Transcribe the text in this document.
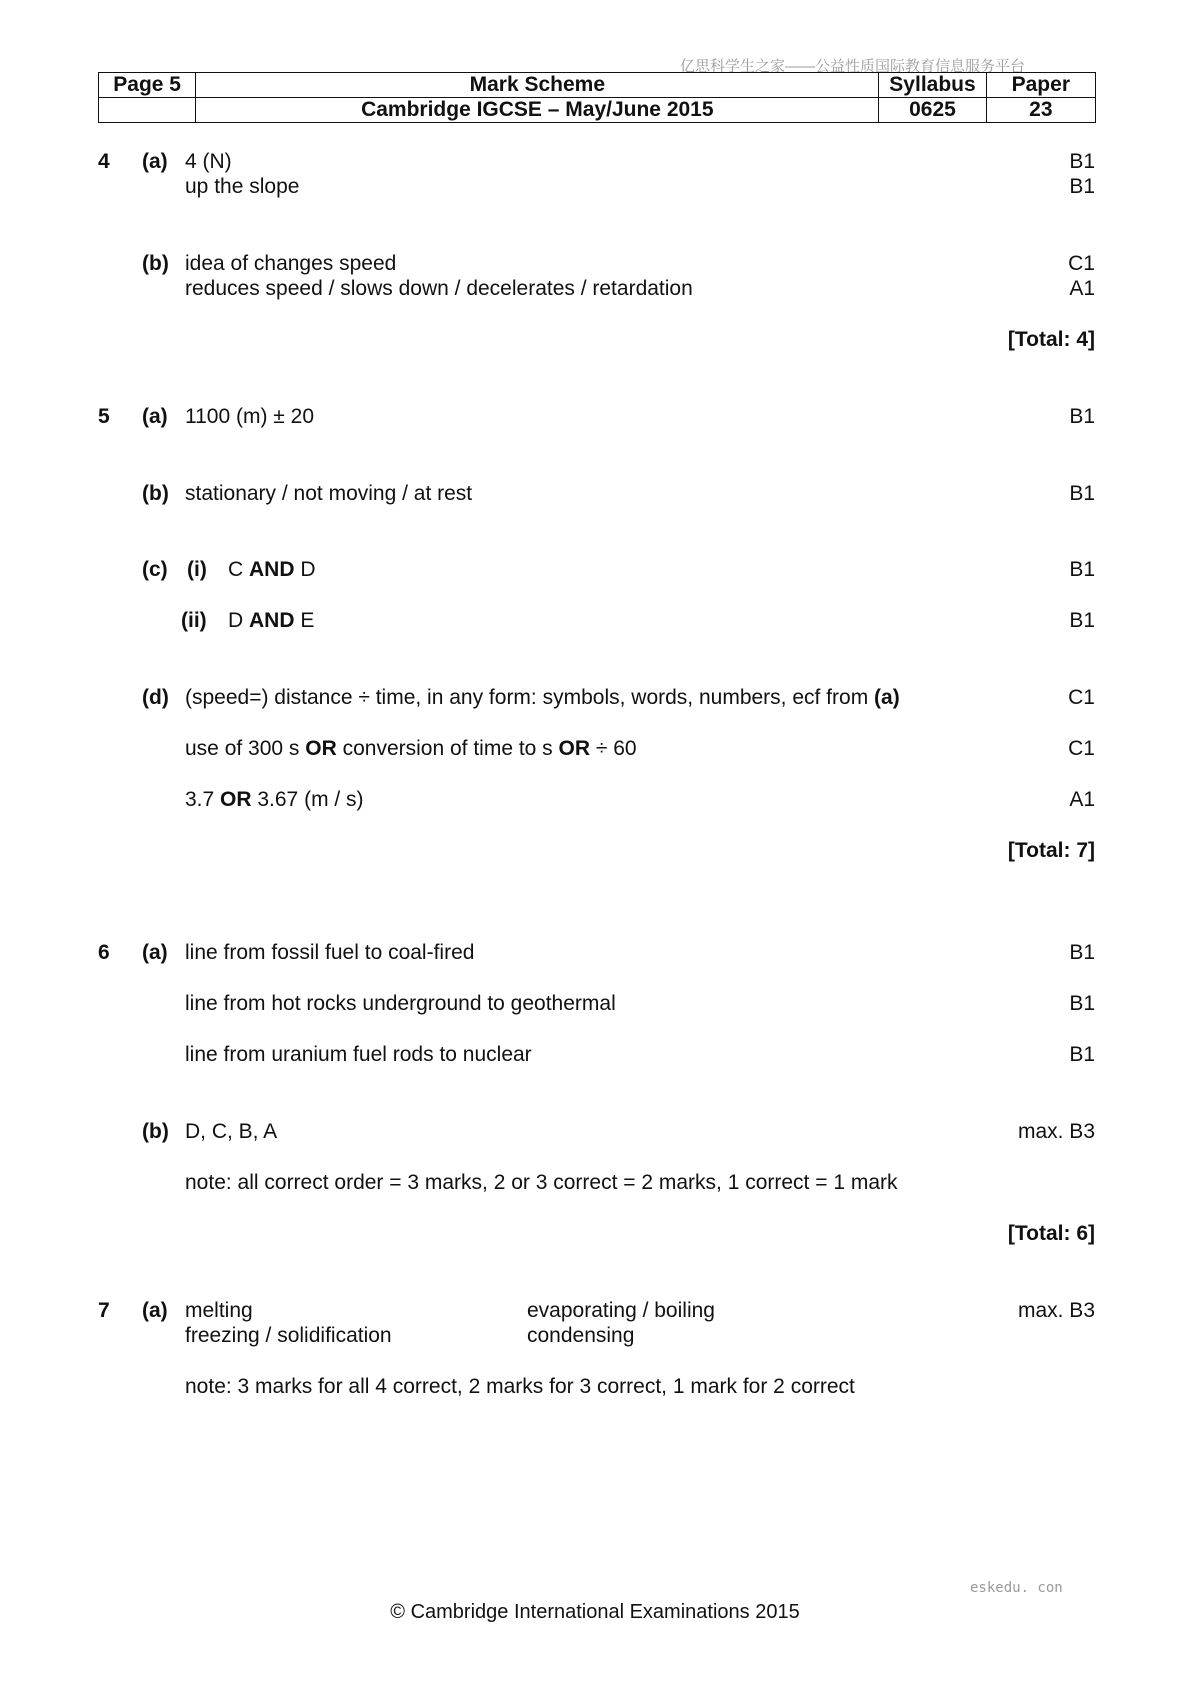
亿思科学生之家——公益性质国际教育信息服务平台
Page 5	Mark Scheme	Syllabus	Paper
	Cambridge IGCSE – May/June 2015	0625	23
4 (a) 4 (N)	B1
up the slope	B1
(b) idea of changes speed	C1
reduces speed / slows down / decelerates / retardation	A1
[Total: 4]
5 (a) 1100 (m) ± 20	B1
(b) stationary / not moving / at rest	B1
(c) (i) C AND D	B1
(ii) D AND E	B1
(d) (speed=) distance ÷ time, in any form: symbols, words, numbers, ecf from (a)	C1
use of 300 s OR conversion of time to s OR ÷ 60	C1
3.7 OR 3.67 (m / s)	A1
[Total: 7]
6 (a) line from fossil fuel to coal-fired	B1
line from hot rocks underground to geothermal	B1
line from uranium fuel rods to nuclear	B1
(b) D, C, B, A	max. B3
note: all correct order = 3 marks, 2 or 3 correct = 2 marks, 1 correct = 1 mark
[Total: 6]
7 (a) melting	evaporating / boiling	max. B3
freezing / solidification	condensing
note: 3 marks for all 4 correct, 2 marks for 3 correct, 1 mark for 2 correct
eskedu. con
© Cambridge International Examinations 2015
